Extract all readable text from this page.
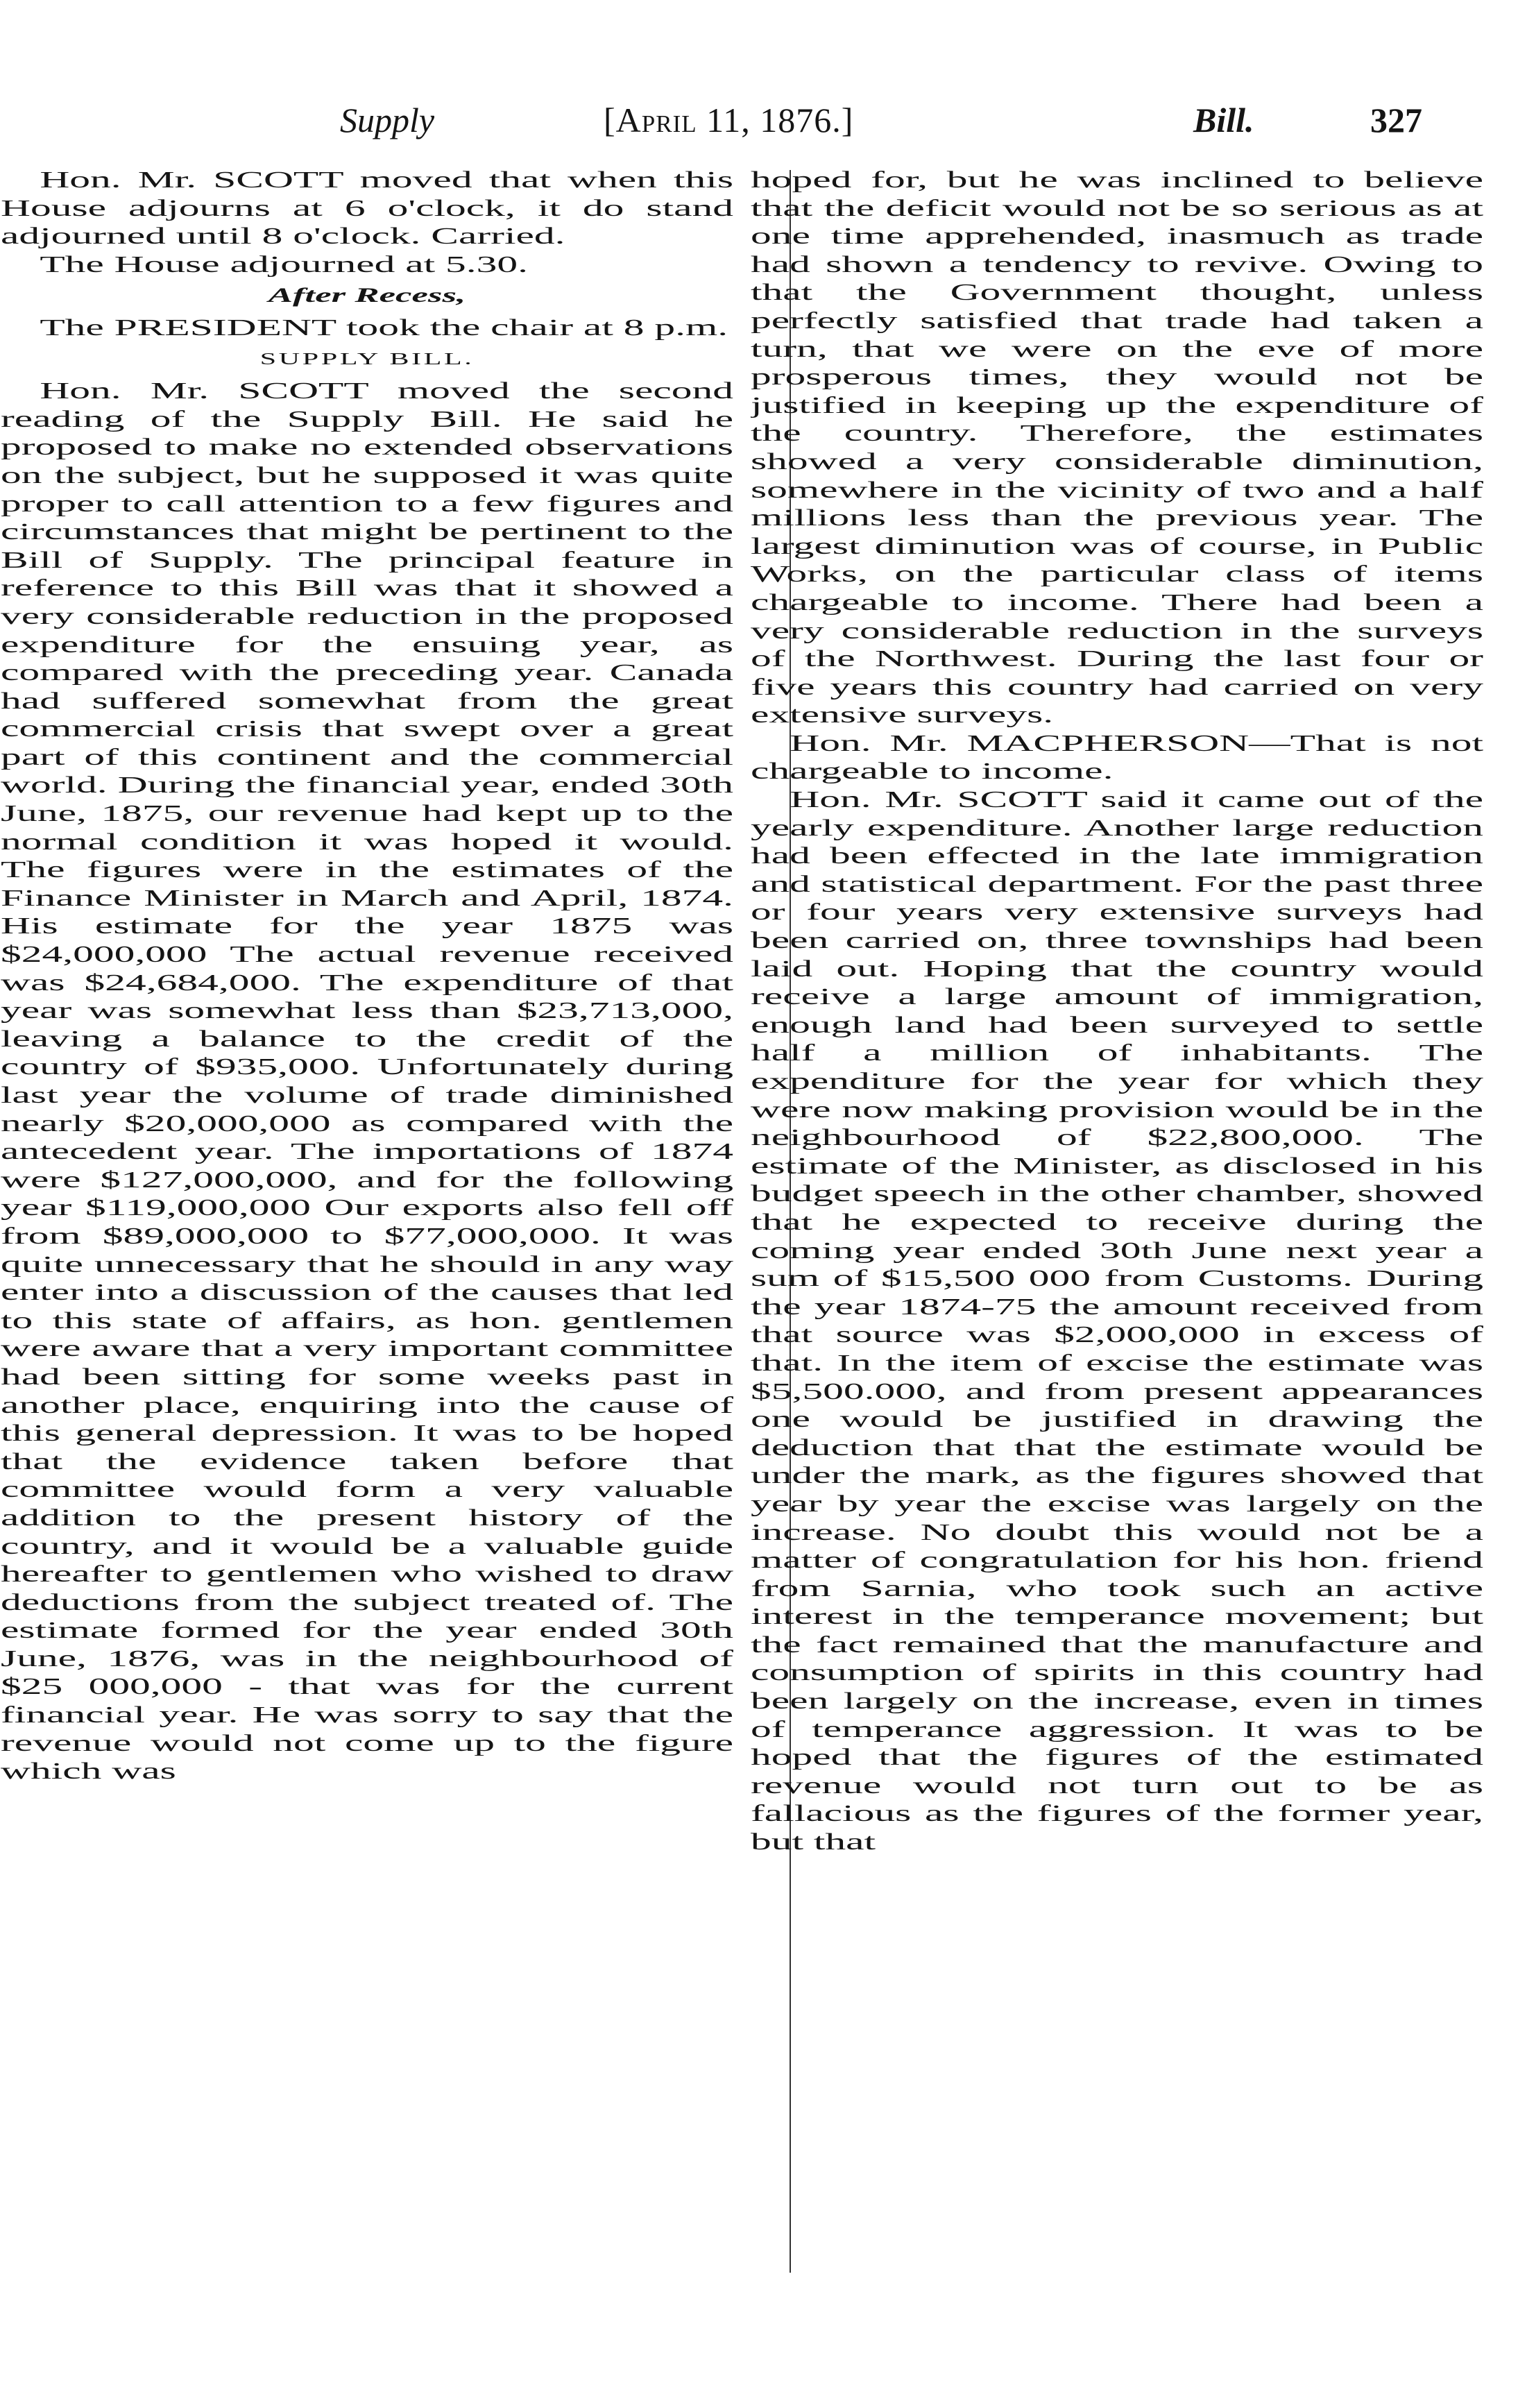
Supply	[April 11, 1876.]	Bill.	327

Hon. Mr. SCOTT moved that when this House adjourns at 6 o'clock, it do stand adjourned until 8 o'clock. Carried.

The House adjourned at 5.30.

After Recess,

The PRESIDENT took the chair at 8 p.m.

SUPPLY BILL.

Hon. Mr. SCOTT moved the second reading of the Supply Bill. He said he proposed to make no extended observations on the subject, but he supposed it was quite proper to call attention to a few figures and circumstances that might be pertinent to the Bill of Supply. The principal feature in reference to this Bill was that it showed a very considerable reduction in the proposed expenditure for the ensuing year, as compared with the preceding year. Canada had suffered somewhat from the great commercial crisis that swept over a great part of this continent and the commercial world. During the financial year, ended 30th June, 1875, our revenue had kept up to the normal condition it was hoped it would. The figures were in the estimates of the Finance Minister in March and April, 1874. His estimate for the year 1875 was $24,000,000 The actual revenue received was $24,684,000. The expenditure of that year was somewhat less than $23,713,000, leaving a balance to the credit of the country of $935,000. Unfortunately during last year the volume of trade diminished nearly $20,000,000 as compared with the antecedent year. The importations of 1874 were $127,000,000, and for the following year $119,000,000 Our exports also fell off from $89,000,000 to $77,000,000. It was quite unnecessary that he should in any way enter into a discussion of the causes that led to this state of affairs, as hon. gentlemen were aware that a very important committee had been sitting for some weeks past in another place, enquiring into the cause of this general depression. It was to be hoped that the evidence taken before that committee would form a very valuable addition to the present history of the country, and it would be a valuable guide hereafter to gentlemen who wished to draw deductions from the subject treated of. The estimate formed for the year ended 30th June, 1876, was in the neighbourhood of $25 000,000 - that was for the current financial year. He was sorry to say that the revenue would not come up to the figure which was

hoped for, but he was inclined to believe that the deficit would not be so serious as at one time apprehended, inasmuch as trade had shown a tendency to revive. Owing to that the Government thought, unless perfectly satisfied that trade had taken a turn, that we were on the eve of more prosperous times, they would not be justified in keeping up the expenditure of the country. Therefore, the estimates showed a very considerable diminution, somewhere in the vicinity of two and a half millions less than the previous year. The largest diminution was of course, in Public Works, on the particular class of items chargeable to income. There had been a very considerable reduction in the surveys of the Northwest. During the last four or five years this country had carried on very extensive surveys.

Hon. Mr. MACPHERSON—That is not chargeable to income.

Hon. Mr. SCOTT said it came out of the yearly expenditure. Another large reduction had been effected in the late immigration and statistical department. For the past three or four years very extensive surveys had been carried on, three townships had been laid out. Hoping that the country would receive a large amount of immigration, enough land had been surveyed to settle half a million of inhabitants. The expenditure for the year for which they were now making provision would be in the neighbourhood of $22,800,000. The estimate of the Minister, as disclosed in his budget speech in the other chamber, showed that he expected to receive during the coming year ended 30th June next year a sum of $15,500 000 from Customs. During the year 1874-75 the amount received from that source was $2,000,000 in excess of that. In the item of excise the estimate was $5,500.000, and from present appearances one would be justified in drawing the deduction that that the estimate would be under the mark, as the figures showed that year by year the excise was largely on the increase. No doubt this would not be a matter of congratulation for his hon. friend from Sarnia, who took such an active interest in the temperance movement; but the fact remained that the manufacture and consumption of spirits in this country had been largely on the increase, even in times of temperance aggression. It was to be hoped that the figures of the estimated revenue would not turn out to be as fallacious as the figures of the former year, but that
